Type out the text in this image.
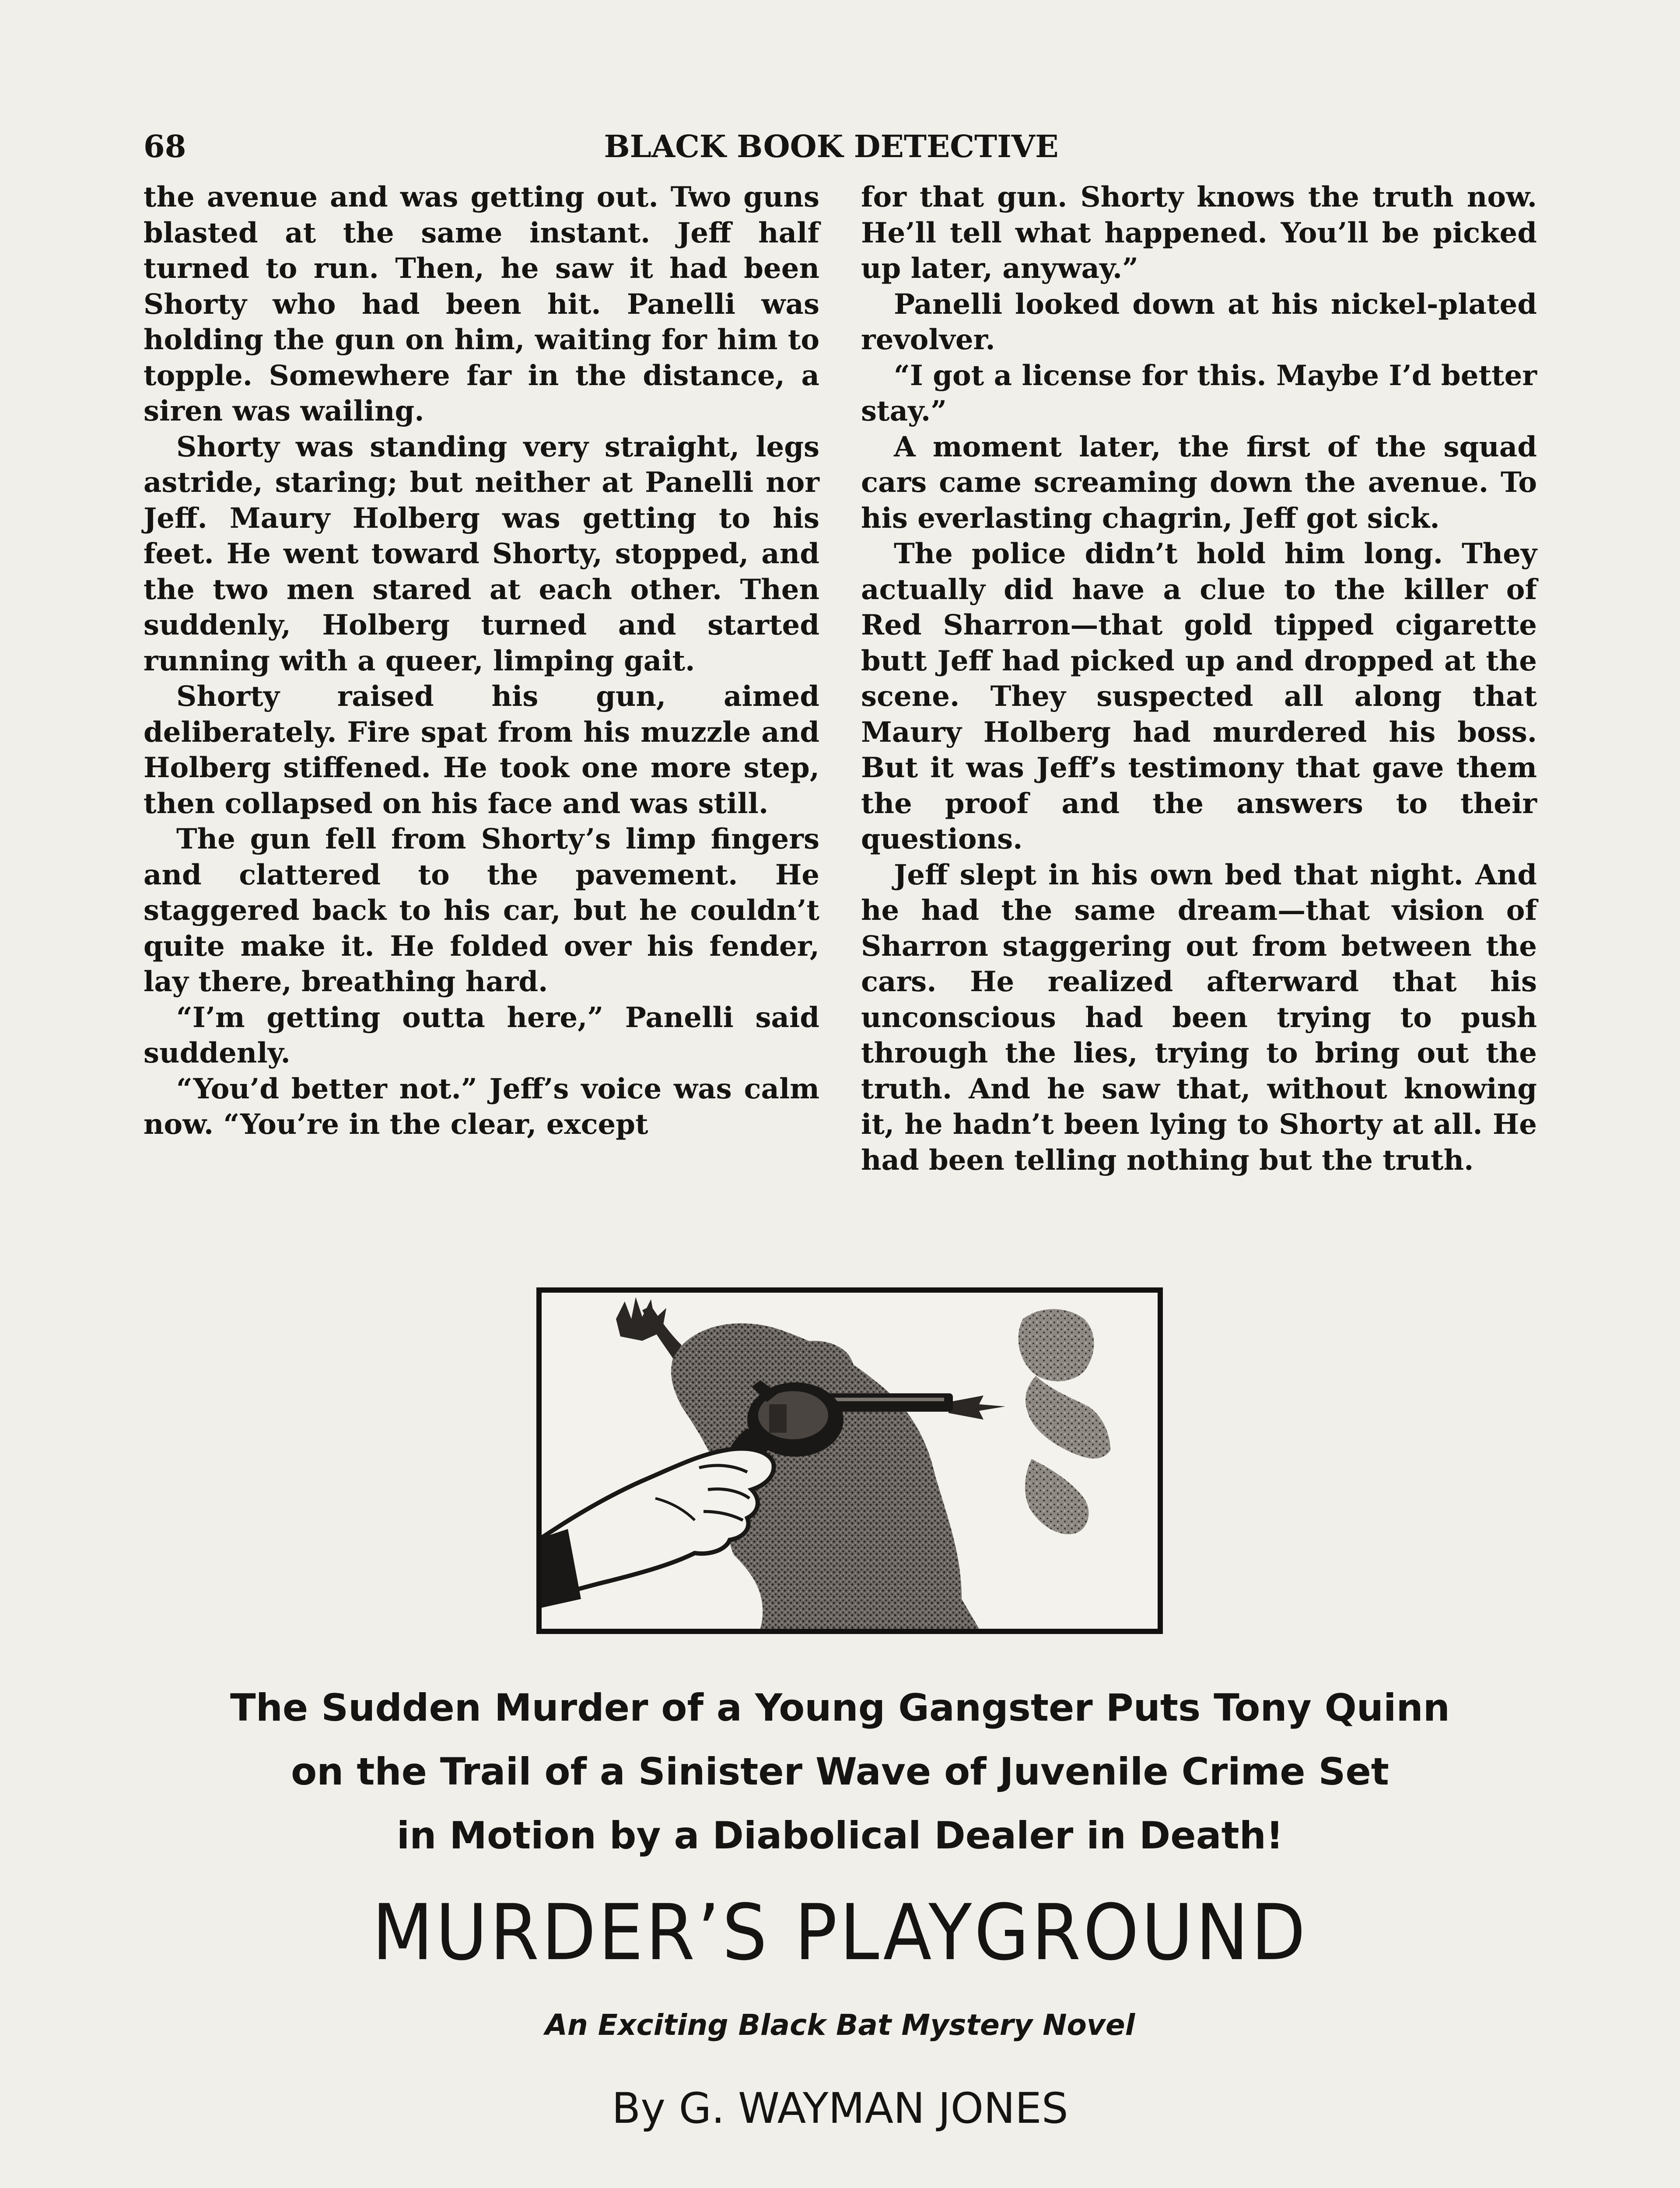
68	BLACK BOOK DETECTIVE

the avenue and was getting out. Two guns blasted at the same instant. Jeff half turned to run. Then, he saw it had been Shorty who had been hit. Panelli was holding the gun on him, waiting for him to topple. Somewhere far in the distance, a siren was wailing.

Shorty was standing very straight, legs astride, staring; but neither at Panelli nor Jeff. Maury Holberg was getting to his feet. He went toward Shorty, stopped, and the two men stared at each other. Then suddenly, Holberg turned and started running with a queer, limping gait.

Shorty raised his gun, aimed deliberately. Fire spat from his muzzle and Holberg stiffened. He took one more step, then collapsed on his face and was still.

The gun fell from Shorty’s limp fingers and clattered to the pavement. He staggered back to his car, but he couldn’t quite make it. He folded over his fender, lay there, breathing hard.

“I’m getting outta here,” Panelli said suddenly.

“You’d better not.” Jeff’s voice was calm now. “You’re in the clear, except

for that gun. Shorty knows the truth now. He’ll tell what happened. You’ll be picked up later, anyway.”

Panelli looked down at his nickel-plated revolver.

“I got a license for this. Maybe I’d better stay.”

A moment later, the first of the squad cars came screaming down the avenue. To his everlasting chagrin, Jeff got sick.

The police didn’t hold him long. They actually did have a clue to the killer of Red Sharron—that gold tipped cigarette butt Jeff had picked up and dropped at the scene. They suspected all along that Maury Holberg had murdered his boss. But it was Jeff’s testimony that gave them the proof and the answers to their questions.

Jeff slept in his own bed that night. And he had the same dream—that vision of Sharron staggering out from between the cars. He realized afterward that his unconscious had been trying to push through the lies, trying to bring out the truth. And he saw that, without knowing it, he hadn’t been lying to Shorty at all. He had been telling nothing but the truth.

The Sudden Murder of a Young Gangster Puts Tony Quinn
on the Trail of a Sinister Wave of Juvenile Crime Set
in Motion by a Diabolical Dealer in Death!
MURDER’S PLAYGROUND
An Exciting Black Bat Mystery Novel
By G. WAYMAN JONES
